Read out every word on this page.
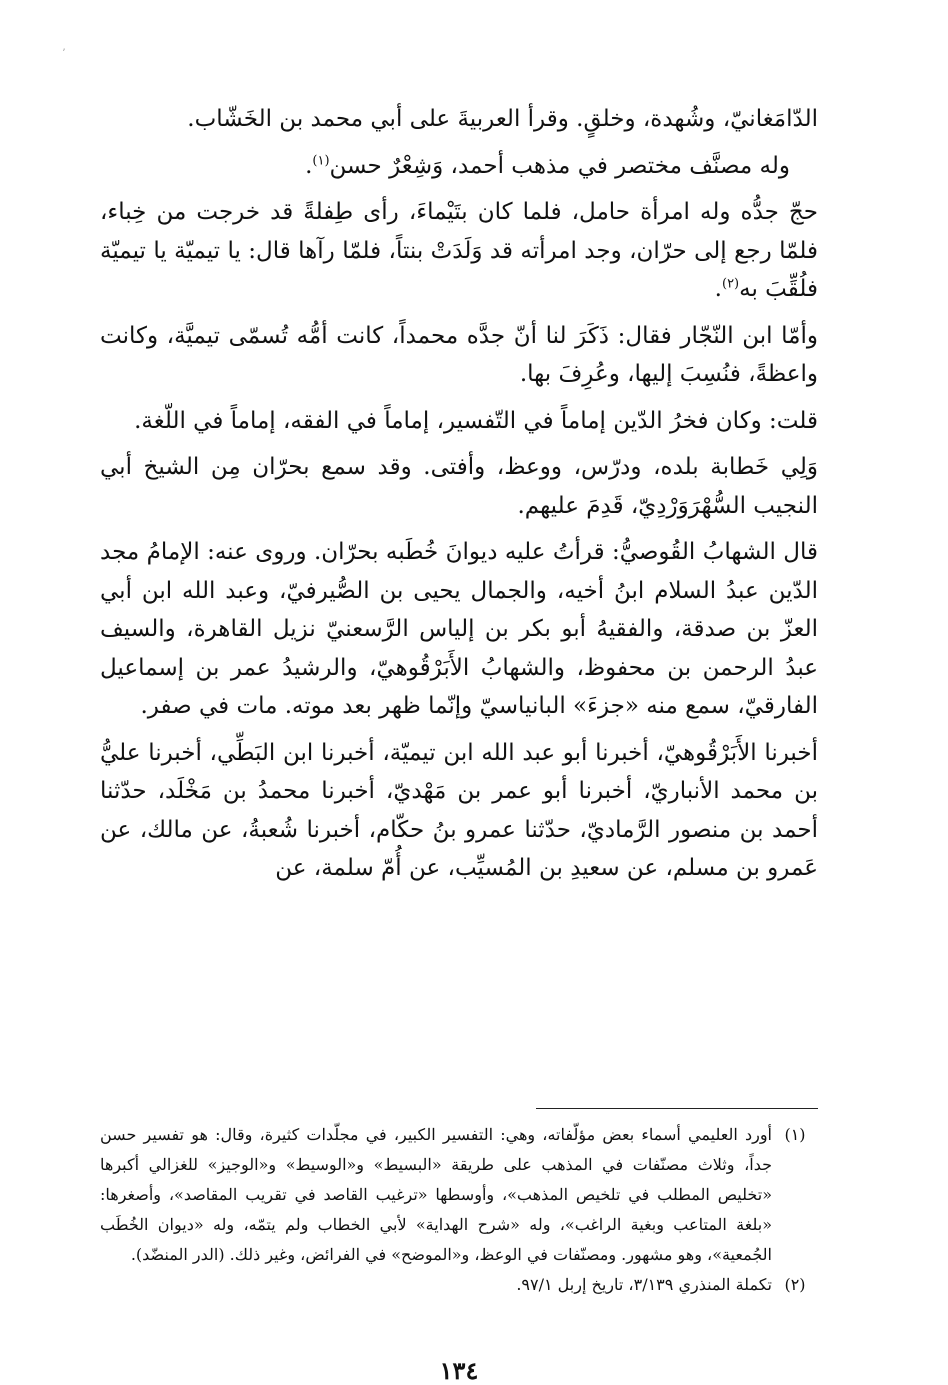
ʼ

الدّامَغانيّ، وشُهدة، وخلقٍ. وقرأ العربيةَ على أبي محمد بن الخَشّاب.

وله مصنَّف مختصر في مذهب أحمد، وَشِعْرٌ حسن$^{(١)}$.

حجّ جدُّه وله امرأة حامل، فلما كان بتَيْماءَ، رأى طِفلةً قد خرجت من خِباء، فلمّا رجع إلى حرّان، وجد امرأته قد وَلَدَتْ بنتاً، فلمّا رآها قال: يا تيميّة يا تيميّة فلُقِّبَ به$^{(٢)}$.

وأمّا ابن النّجّار فقال: ذَكَرَ لنا أنّ جدَّه محمداً، كانت أمُّه تُسمّى تيميَّة، وكانت واعظةً، فنُسِبَ إليها، وعُرِفَ بها.

قلت: وكان فخرُ الدّين إماماً في التّفسير، إماماً في الفقه، إماماً في اللّغة.

وَلِي خَطابة بلده، ودرّس، ووعظ، وأفتى. وقد سمع بحرّان مِن الشيخ أبي النجيب السُّهْرَوَرْدِيّ، قَدِمَ عليهم.

قال الشهابُ القُوصيُّ: قرأتُ عليه ديوانَ خُطَبه بحرّان. وروى عنه: الإمامُ مجد الدّين عبدُ السلام ابنُ أخيه، والجمال يحيى بن الصُّيرفيّ، وعبد الله ابن أبي العزّ بن صدقة، والفقيهُ أبو بكر بن إلياس الرَّسعنيّ نزيل القاهرة، والسيف عبدُ الرحمن بن محفوظ، والشهابُ الأَبَرْقُوهيّ، والرشيدُ عمر بن إسماعيل الفارقيّ، سمع منه «جزءَ» البانياسيّ وإنّما ظهر بعد موته. مات في صفر.

أخبرنا الأَبَرْقُوهيّ، أخبرنا أبو عبد الله ابن تيميّة، أخبرنا ابن البَطِّي، أخبرنا عليُّ بن محمد الأنباريّ، أخبرنا أبو عمر بن مَهْديّ، أخبرنا محمدُ بن مَخْلَد، حدّثنا أحمد بن منصور الرَّماديّ، حدّثنا عمرو بنُ حكّام، أخبرنا شُعبةُ، عن مالك، عن عَمرو بن مسلم، عن سعيدِ بن المُسيِّب، عن أُمّ سلمة، عن

(١)
أورد العليمي أسماء بعض مؤلّفاته، وهي: التفسير الكبير، في مجلّدات كثيرة، وقال: هو تفسير حسن جداً، وثلاث مصنّفات في المذهب على طريقة «البسيط» و«الوسيط» و«الوجيز» للغزالي أكبرها «تخليص المطلب في تلخيص المذهب»، وأوسطها «ترغيب القاصد في تقريب المقاصد»، وأصغرها: «بلغة المتاعب وبغية الراغب»، وله «شرح الهداية» لأبي الخطاب ولم يتمّه، وله «ديوان الخُطَب الجُمعية»، وهو مشهور. ومصنّفات في الوعظ، و«الموضح» في الفرائض، وغير ذلك. (الدر المنضّد).
(٢)
تكملة المنذري ٣/١٣٩، تاريخ إربل ٩٧/١.
١٣٤
